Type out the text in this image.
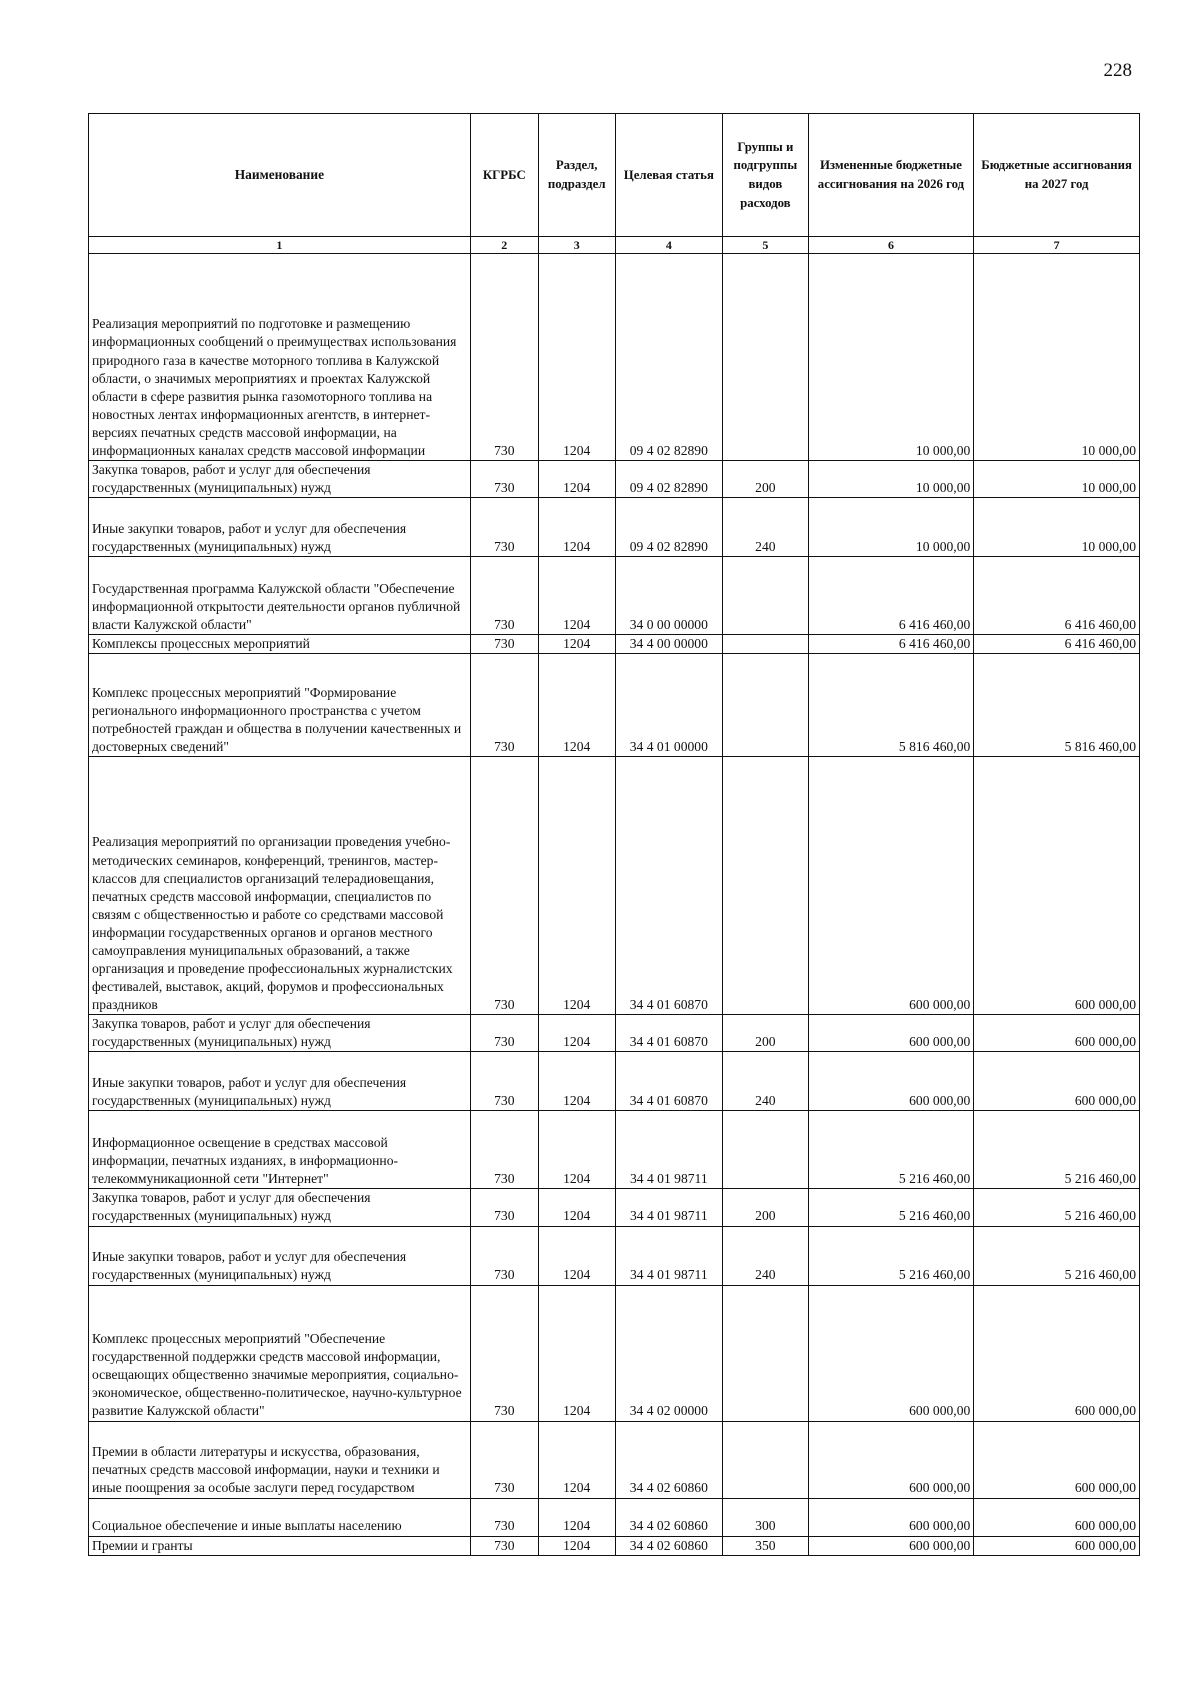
228
Наименование	КГРБС	Раздел, подраздел	Целевая статья	Группы и подгруппы видов расходов	Измененные бюджетные ассигнования на 2026 год	Бюджетные ассигнования на 2027 год
1	2	3	4	5	6	7
Реализация мероприятий по подготовке и размещению информационных сообщений о преимуществах использования природного газа в качестве моторного топлива в Калужской области, о значимых мероприятиях и проектах Калужской области в сфере развития рынка газомоторного топлива на новостных лентах информационных агентств, в интернет-версиях печатных средств массовой информации, на информационных каналах средств массовой информации	730	1204	09 4 02 82890		10 000,00	10 000,00
Закупка товаров, работ и услуг для обеспечения государственных (муниципальных) нужд	730	1204	09 4 02 82890	200	10 000,00	10 000,00
Иные закупки товаров, работ и услуг для обеспечения государственных (муниципальных) нужд	730	1204	09 4 02 82890	240	10 000,00	10 000,00
Государственная программа Калужской области "Обеспечение информационной открытости деятельности органов публичной власти Калужской области"	730	1204	34 0 00 00000		6 416 460,00	6 416 460,00
Комплексы процессных мероприятий	730	1204	34 4 00 00000		6 416 460,00	6 416 460,00
Комплекс процессных мероприятий "Формирование регионального информационного пространства с учетом потребностей граждан и общества в получении качественных и достоверных сведений"	730	1204	34 4 01 00000		5 816 460,00	5 816 460,00
Реализация мероприятий по организации проведения учебно-методических семинаров, конференций, тренингов, мастер-классов для специалистов организаций телерадиовещания, печатных средств массовой информации, специалистов по связям с общественностью и работе со средствами массовой информации государственных органов и органов местного самоуправления муниципальных образований, а также организация и проведение профессиональных журналистских фестивалей, выставок, акций, форумов и профессиональных праздников	730	1204	34 4 01 60870		600 000,00	600 000,00
Закупка товаров, работ и услуг для обеспечения государственных (муниципальных) нужд	730	1204	34 4 01 60870	200	600 000,00	600 000,00
Иные закупки товаров, работ и услуг для обеспечения государственных (муниципальных) нужд	730	1204	34 4 01 60870	240	600 000,00	600 000,00
Информационное освещение в средствах массовой информации, печатных изданиях, в информационно-телекоммуникационной сети "Интернет"	730	1204	34 4 01 98711		5 216 460,00	5 216 460,00
Закупка товаров, работ и услуг для обеспечения государственных (муниципальных) нужд	730	1204	34 4 01 98711	200	5 216 460,00	5 216 460,00
Иные закупки товаров, работ и услуг для обеспечения государственных (муниципальных) нужд	730	1204	34 4 01 98711	240	5 216 460,00	5 216 460,00
Комплекс процессных мероприятий "Обеспечение государственной поддержки средств массовой информации, освещающих общественно значимые мероприятия, социально-экономическое, общественно-политическое, научно-культурное развитие Калужской области"	730	1204	34 4 02 00000		600 000,00	600 000,00
Премии в области литературы и искусства, образования, печатных средств массовой информации, науки и техники и иные поощрения за особые заслуги перед государством	730	1204	34 4 02 60860		600 000,00	600 000,00
Социальное обеспечение и иные выплаты населению	730	1204	34 4 02 60860	300	600 000,00	600 000,00
Премии и гранты	730	1204	34 4 02 60860	350	600 000,00	600 000,00
